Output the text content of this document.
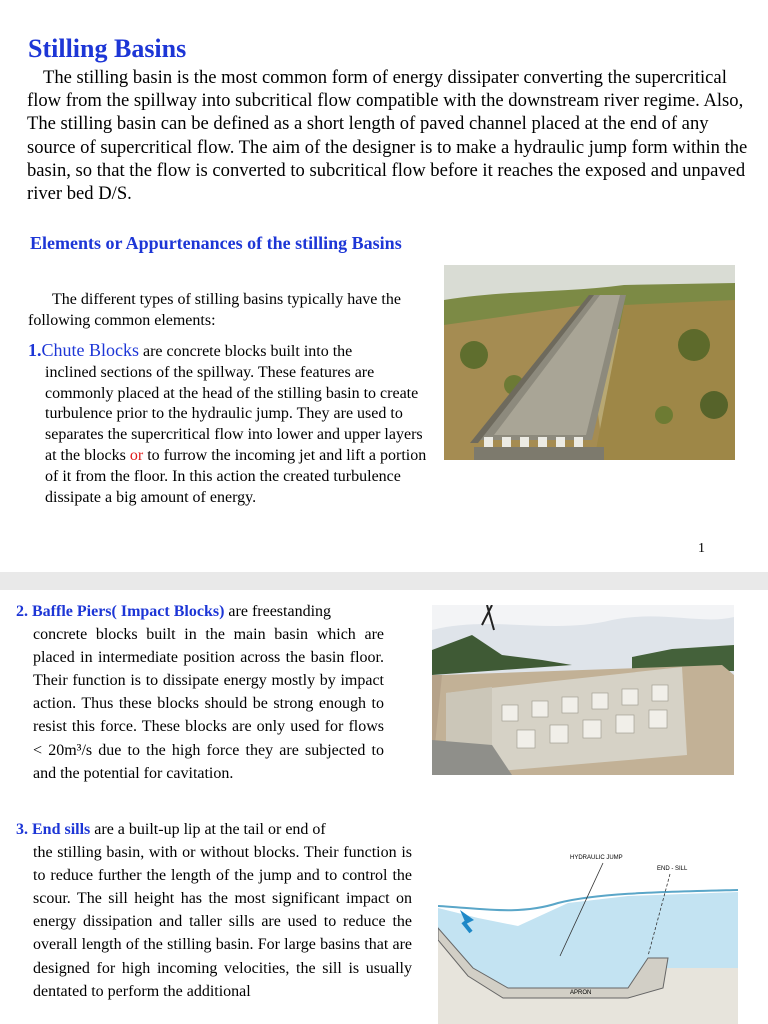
Stilling Basins

The stilling basin is the most common form of energy dissipater converting the supercritical flow from the spillway into subcritical flow compatible with the downstream river regime. Also, The stilling basin can be defined as a short length of paved channel placed at the end of any source of supercritical flow. The aim of the designer is to make a hydraulic jump form within the basin, so that the flow is converted to subcritical flow before it reaches the exposed and unpaved river bed D/S.

Elements or Appurtenances of the stilling Basins

The different types of stilling basins typically have the following common elements:

1.Chute Blocks are concrete blocks built into the
inclined sections of the spillway. These features are commonly placed at the head of the stilling basin to create turbulence prior to the hydraulic jump. They are used to separates the supercritical flow into lower and upper layers at the blocks or to furrow the incoming jet and lift a portion of it from the floor. In this action the created turbulence dissipate a big amount of energy.

1

2. Baffle Piers( Impact Blocks) are freestanding
concrete blocks built in the main basin which are placed in intermediate position across the basin floor. Their function is to dissipate energy mostly by impact action. Thus these blocks should be strong enough to resist this force. These blocks are only used for flows < 20m³/s due to the high force they are subjected to and the potential for cavitation.

3. End sills are a built-up lip at the tail or end of
the stilling basin, with or without blocks. Their function is to reduce further the length of the jump and to control the scour. The sill height has the most significant impact on energy dissipation and taller sills are used to reduce the overall length of the stilling basin. For large basins that are designed for high incoming velocities, the sill is usually dentated to perform the additional

HYDRAULIC JUMP
END - SILL
APRON
